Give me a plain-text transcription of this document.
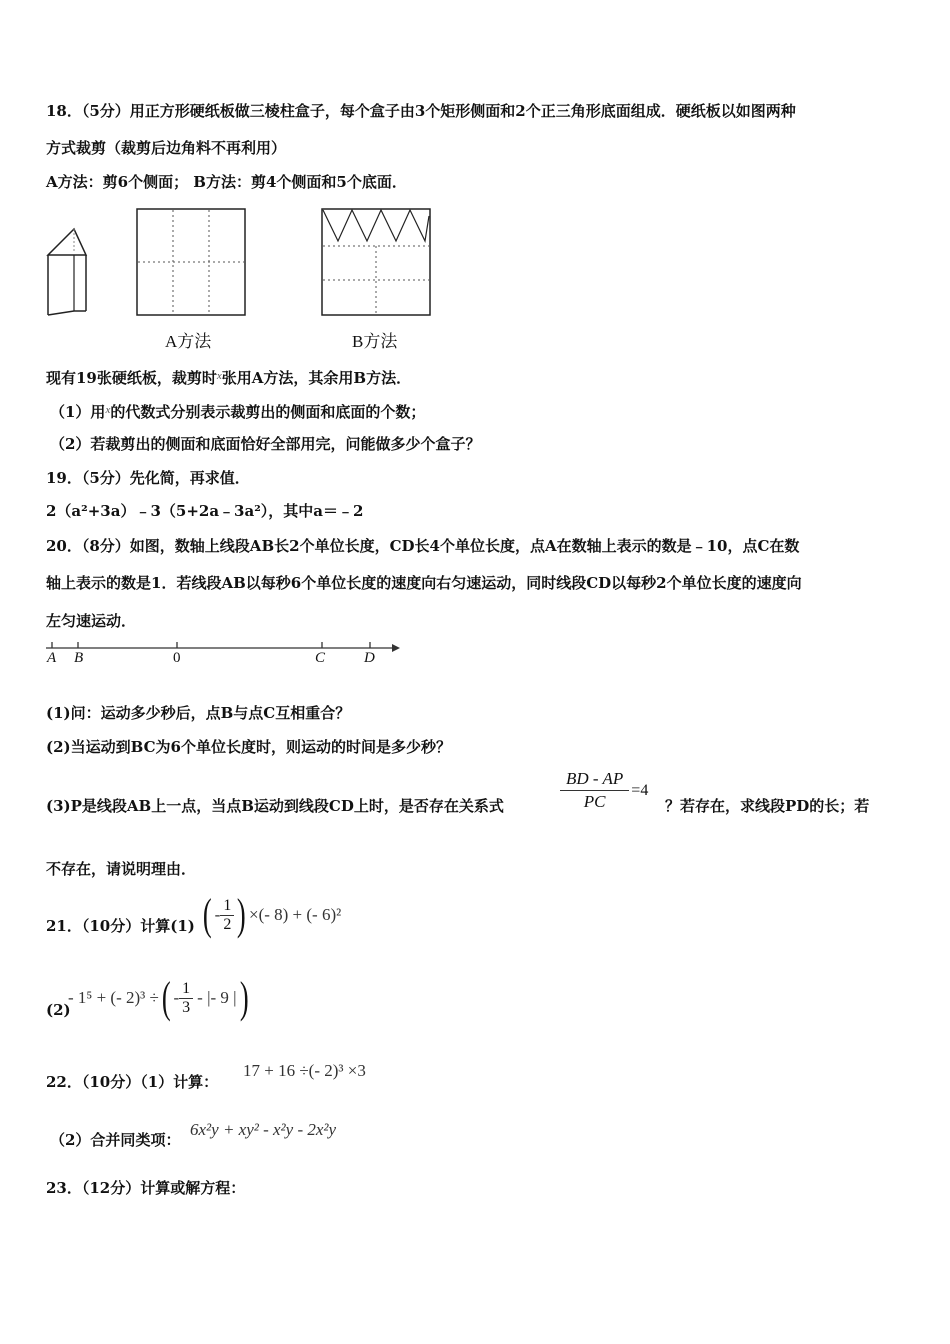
18．（5分）用正方形硬纸板做三棱柱盒子，每个盒子由3个矩形侧面和2个正三角形底面组成．硬纸板以如图两种
方式裁剪（裁剪后边角料不再利用）
A方法：剪6个侧面； B方法：剪4个侧面和5个底面．
A方法	B方法
现有19张硬纸板，裁剪时$^x$张用A方法，其余用B方法．
（1）用$^x$的代数式分别表示裁剪出的侧面和底面的个数；
（2）若裁剪出的侧面和底面恰好全部用完，问能做多少个盒子？
19．（5分）先化简，再求值．
2（a²+3a）﹣3（5+2a﹣3a²），其中a＝﹣2
20．（8分）如图，数轴上线段AB长2个单位长度，CD长4个单位长度，点A在数轴上表示的数是﹣10，点C在数
轴上表示的数是1．若线段AB以每秒6个单位长度的速度向右匀速运动，同时线段CD以每秒2个单位长度的速度向
左匀速运动．
A B	0	C	D
(1)问：运动多少秒后，点B与点C互相重合？
(2)当运动到BC为6个单位长度时，则运动的时间是多少秒？
(3)P是线段AB上一点，当点B运动到线段CD上时，是否存在关系式	$\frac{BD - AP}{PC} =4$
？若存在，求线段PD的长；若
不存在，请说明理由．
21．（10分）计算(1) ( - $\frac{1}{2}$ ) ×(- 8) + (- 6)²
(2)
- 1⁵ + (- 2)³ ÷ ( - $\frac{1}{3}$ - |- 9 | )
22．（10分）（1）计算：
17 + 16 ÷(- 2)³ ×3
（2）合并同类项：
6x²y + xy² - x²y - 2x²y
23．（12分）计算或解方程：
